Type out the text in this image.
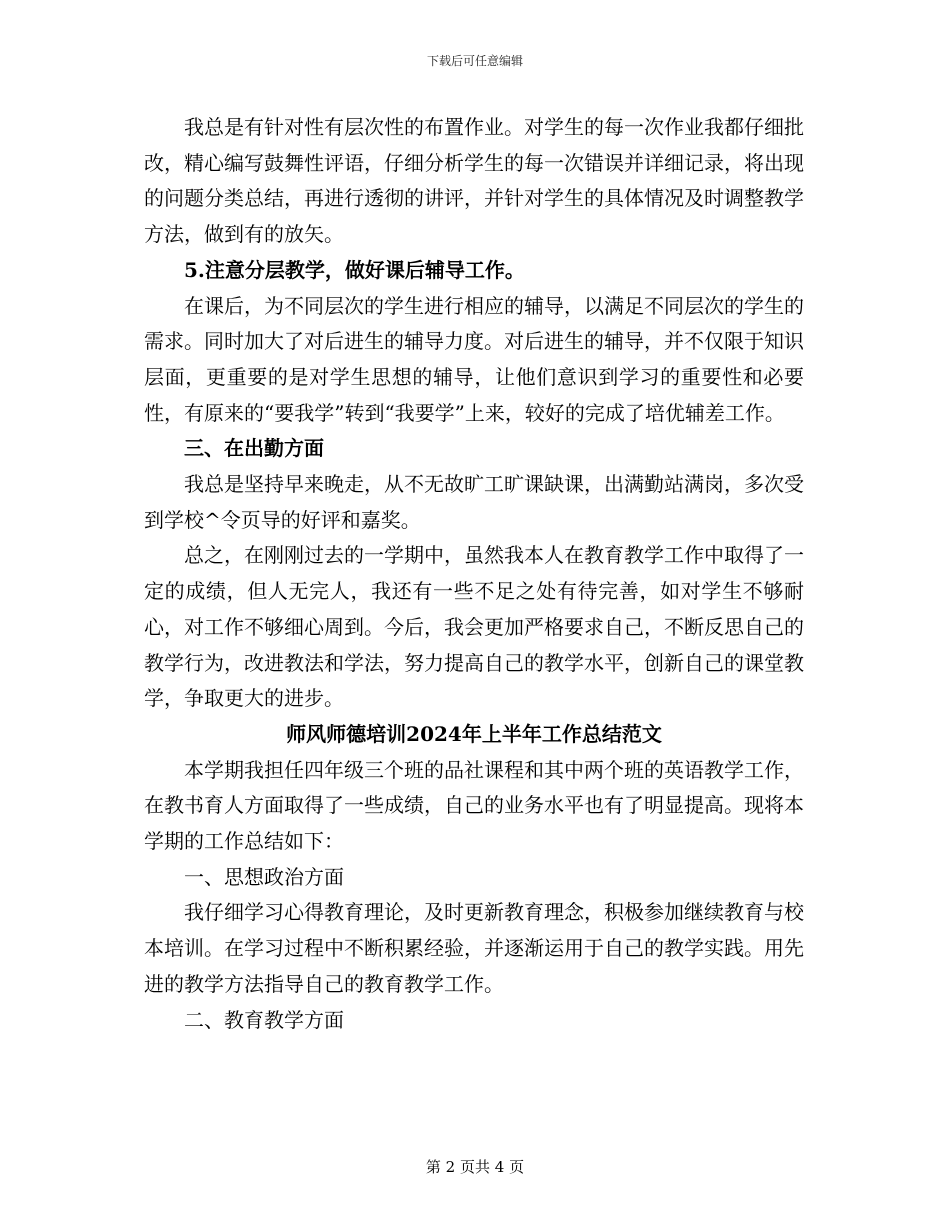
下载后可任意编辑

我总是有针对性有层次性的布置作业。对学生的每一次作业我都仔细批改，精心编写鼓舞性评语，仔细分析学生的每一次错误并详细记录，将出现的问题分类总结，再进行透彻的讲评，并针对学生的具体情况及时调整教学方法，做到有的放矢。

5.注意分层教学，做好课后辅导工作。

在课后，为不同层次的学生进行相应的辅导，以满足不同层次的学生的需求。同时加大了对后进生的辅导力度。对后进生的辅导，并不仅限于知识层面，更重要的是对学生思想的辅导，让他们意识到学习的重要性和必要性，有原来的“要我学”转到“我要学”上来，较好的完成了培优辅差工作。

三、在出勤方面

我总是坚持早来晚走，从不无故旷工旷课缺课，出满勤站满岗，多次受到学校^令页导的好评和嘉奖。

总之，在刚刚过去的一学期中，虽然我本人在教育教学工作中取得了一定的成绩，但人无完人，我还有一些不足之处有待完善，如对学生不够耐心，对工作不够细心周到。今后，我会更加严格要求自己，不断反思自己的教学行为，改进教法和学法，努力提高自己的教学水平，创新自己的课堂教学，争取更大的进步。

师风师德培训2024年上半年工作总结范文

本学期我担任四年级三个班的品社课程和其中两个班的英语教学工作，在教书育人方面取得了一些成绩，自己的业务水平也有了明显提高。现将本学期的工作总结如下：

一、思想政治方面

我仔细学习心得教育理论，及时更新教育理念，积极参加继续教育与校本培训。在学习过程中不断积累经验，并逐渐运用于自己的教学实践。用先进的教学方法指导自己的教育教学工作。

二、教育教学方面

第 2 页共 4 页
